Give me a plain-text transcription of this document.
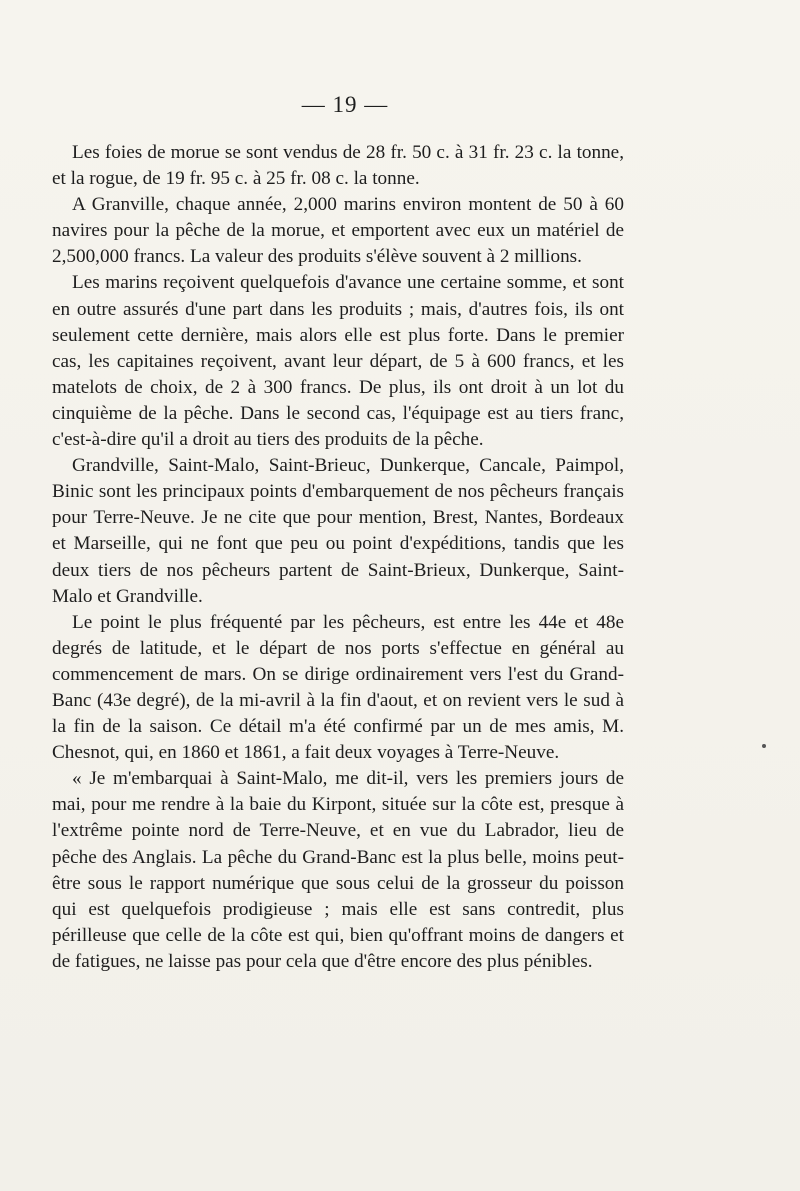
— 19 —

Les foies de morue se sont vendus de 28 fr. 50 c. à 31 fr. 23 c. la tonne, et la rogue, de 19 fr. 95 c. à 25 fr. 08 c. la tonne.

A Granville, chaque année, 2,000 marins environ montent de 50 à 60 navires pour la pêche de la morue, et emportent avec eux un matériel de 2,500,000 francs. La valeur des produits s'élève souvent à 2 millions.

Les marins reçoivent quelquefois d'avance une certaine somme, et sont en outre assurés d'une part dans les produits ; mais, d'autres fois, ils ont seulement cette dernière, mais alors elle est plus forte. Dans le premier cas, les capitaines reçoivent, avant leur départ, de 5 à 600 francs, et les matelots de choix, de 2 à 300 francs. De plus, ils ont droit à un lot du cinquième de la pêche. Dans le second cas, l'équipage est au tiers franc, c'est-à-dire qu'il a droit au tiers des produits de la pêche.

Grandville, Saint-Malo, Saint-Brieuc, Dunkerque, Cancale, Paimpol, Binic sont les principaux points d'embarquement de nos pêcheurs français pour Terre-Neuve. Je ne cite que pour mention, Brest, Nantes, Bordeaux et Marseille, qui ne font que peu ou point d'expéditions, tandis que les deux tiers de nos pêcheurs partent de Saint-Brieux, Dunkerque, Saint-Malo et Grandville.

Le point le plus fréquenté par les pêcheurs, est entre les 44e et 48e degrés de latitude, et le départ de nos ports s'effectue en général au commencement de mars. On se dirige ordinairement vers l'est du Grand-Banc (43e degré), de la mi-avril à la fin d'aout, et on revient vers le sud à la fin de la saison. Ce détail m'a été confirmé par un de mes amis, M. Chesnot, qui, en 1860 et 1861, a fait deux voyages à Terre-Neuve.

« Je m'embarquai à Saint-Malo, me dit-il, vers les premiers jours de mai, pour me rendre à la baie du Kirpont, située sur la côte est, presque à l'extrême pointe nord de Terre-Neuve, et en vue du Labrador, lieu de pêche des Anglais. La pêche du Grand-Banc est la plus belle, moins peut-être sous le rapport numérique que sous celui de la grosseur du poisson qui est quelquefois prodigieuse ; mais elle est sans contredit, plus périlleuse que celle de la côte est qui, bien qu'offrant moins de dangers et de fatigues, ne laisse pas pour cela que d'être encore des plus pénibles.
